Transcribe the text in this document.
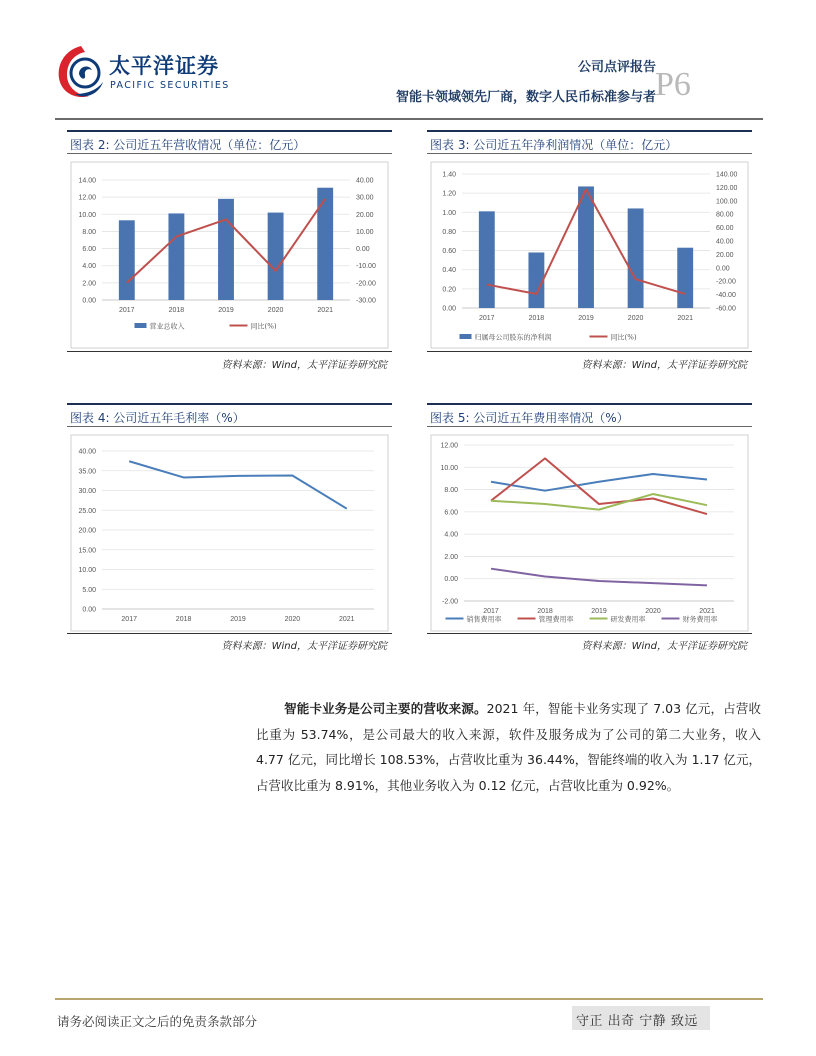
太平洋证券
PACIFIC SECURITIES
公司点评报告
智能卡领域领先厂商，数字人民币标准参与者 P6
图表 2: 公司近五年营收情况（单位：亿元）
0.00
2.00
4.00
6.00
8.00
10.00
12.00
14.00
-30.00
-20.00
-10.00
0.00
10.00
20.00
30.00
40.00
2017	2018	2019	2020	2021
营业总收入	同比(%)
资料来源：Wind，太平洋证券研究院
图表 3: 公司近五年净利润情况（单位：亿元）
0.00
0.20
0.40
0.60
0.80
1.00
1.20
1.40
-60.00
-40.00
-20.00
0.00
20.00
40.00
60.00
80.00
100.00
120.00
140.00
2017	2018	2019	2020	2021
归属母公司股东的净利润	同比(%)
资料来源：Wind，太平洋证券研究院
图表 4: 公司近五年毛利率（%）
0.00
5.00
10.00
15.00
20.00
25.00
30.00
35.00
40.00
2017	2018	2019	2020	2021
资料来源：Wind，太平洋证券研究院
图表 5: 公司近五年费用率情况（%）
-2.00
0.00
2.00
4.00
6.00
8.00
10.00
12.00
2017	2018	2019	2020	2021
销售费用率	管理费用率	研发费用率	财务费用率
资料来源：Wind，太平洋证券研究院
智能卡业务是公司主要的营收来源。2021 年，智能卡业务实现了 7.03 亿元，占营收比重为 53.74%，是公司最大的收入来源，软件及服务成为了公司的第二大业务，收入 4.77 亿元，同比增长 108.53%，占营收比重为 36.44%，智能终端的收入为 1.17 亿元，占营收比重为 8.91%，其他业务收入为 0.12 亿元，占营收比重为 0.92%。
请务必阅读正文之后的免责条款部分	守正 出奇 宁静 致远
